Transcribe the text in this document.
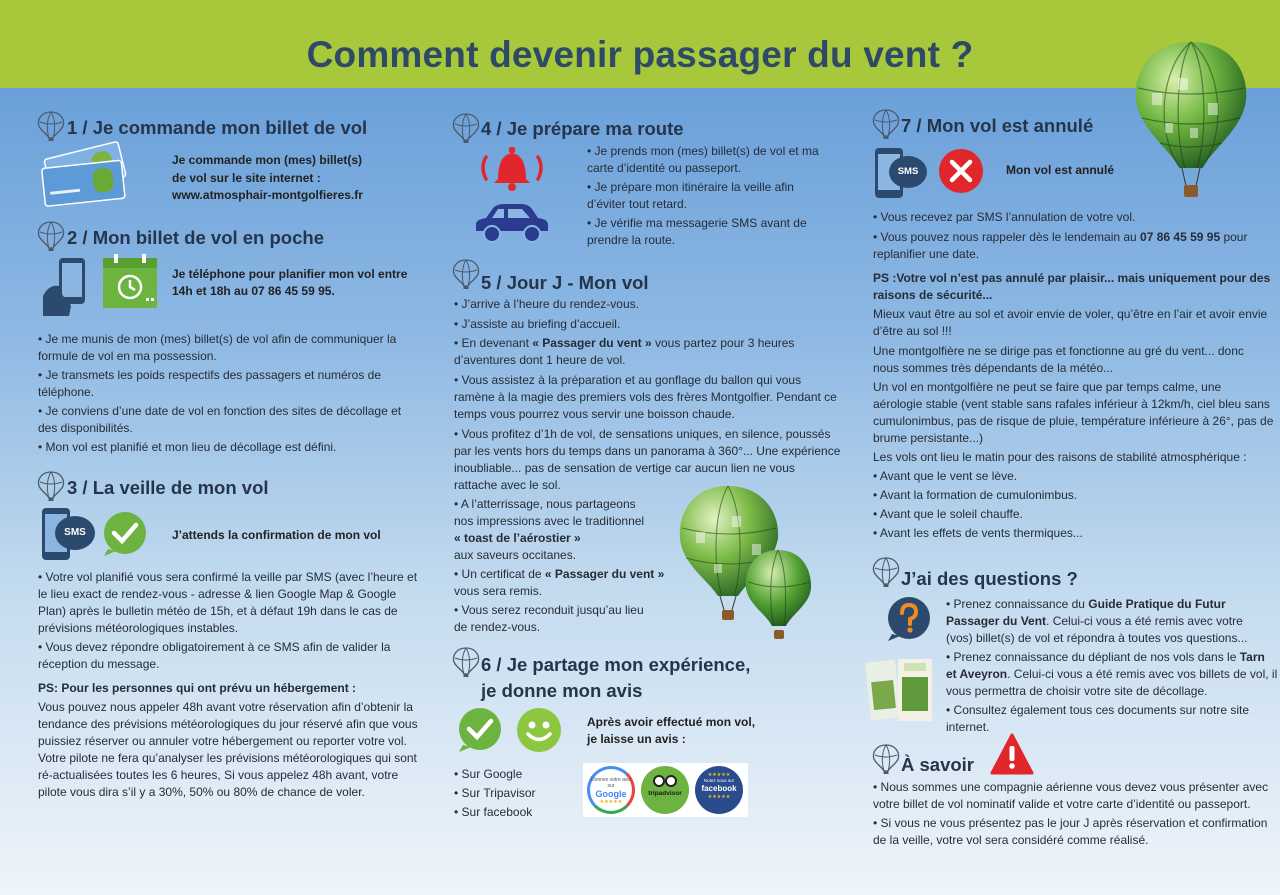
Comment devenir passager du vent ?
1 / Je commande mon billet de vol
Je commande mon (mes) billet(s)
de vol sur le site internet :
www.atmosphair-montgolfieres.fr
2 / Mon billet de vol en poche
Je téléphone pour planifier mon vol entre
14h et 18h au 07 86 45 59 95.
• Je me munis de mon (mes) billet(s) de vol afin de communiquer la
formule de vol en ma possession.
• Je transmets les poids respectifs des passagers et numéros de
téléphone.
• Je conviens d’une date de vol en fonction des sites de décollage et
des disponibilités.
• Mon vol est planifié et mon lieu de décollage est défini.
3 / La veille de mon vol
SMS	J’attends la confirmation de mon vol
• Votre vol planifié vous sera confirmé la veille par SMS (avec l’heure et
le lieu exact de rendez-vous - adresse & lien Google Map & Google
Plan) après le bulletin météo de 15h, et à défaut 19h dans le cas de
prévisions météorologiques instables.
• Vous devez répondre obligatoirement à ce SMS afin de valider la
réception du message.
PS: Pour les personnes qui ont prévu un hébergement :
Vous pouvez nous appeler 48h avant votre réservation afin d’obtenir la
tendance des prévisions météorologiques du jour réservé afin que vous
puissiez réserver ou annuler votre hébergement ou reporter votre vol.
Votre pilote ne fera qu’analyser les prévisions météorologiques qui sont
ré-actualisées toutes les 6 heures, Si vous appelez 48h avant, votre
pilote vous dira s’il y a 30%, 50% ou 80% de chance de voler.
4 / Je prépare ma route
• Je prends mon (mes) billet(s) de vol et ma
carte d’identité ou passeport.
• Je prépare mon itinéraire la veille afin
d’éviter tout retard.
• Je vérifie ma messagerie SMS avant de
prendre la route.
5 / Jour J - Mon vol
• J’arrive à l’heure du rendez-vous.
• J’assiste au briefing d’accueil.
• En devenant « Passager du vent » vous partez pour 3 heures
d’aventures dont 1 heure de vol.
• Vous assistez à la préparation et au gonflage du ballon qui vous
ramène à la magie des premiers vols des frères Montgolfier. Pendant ce
temps vous pourrez vous servir une boisson chaude.
• Vous profitez d’1h de vol, de sensations uniques, en silence, poussés
par les vents hors du temps dans un panorama à 360°... Une expérience
inoubliable... pas de sensation de vertige car aucun lien ne vous
rattache avec le sol.
• A l’atterrissage, nous partageons
nos impressions avec le traditionnel
« toast de l’aérostier »
aux saveurs occitanes.
• Un certificat de « Passager du vent »
vous sera remis.
• Vous serez reconduit jusqu’au lieu
de rendez-vous.
6 / Je partage mon expérience,
je donne mon avis
Après avoir effectué mon vol,
je laisse un avis :
• Sur Google
• Sur Tripavisor
• Sur facebook
Donnez votre avis sur
Google
★★★★★
tripadvisor
★★★★★
Notez nous sur
facebook
★★★★★
7 / Mon vol est annulé
SMS	Mon vol est annulé
• Vous recevez par SMS l’annulation de votre vol.
• Vous pouvez nous rappeler dès le lendemain au 07 86 45 59 95 pour
replanifier une date.
PS :Votre vol n’est pas annulé par plaisir... mais uniquement pour des
raisons de sécurité...
Mieux vaut être au sol et avoir envie de voler, qu’être en l’air et avoir envie
d’être au sol !!!
Une montgolfière ne se dirige pas et fonctionne au gré du vent... donc
nous sommes très dépendants de la météo...
Un vol en montgolfière ne peut se faire que par temps calme, une
aérologie stable (vent stable sans rafales inférieur à 12km/h, ciel bleu sans
cumulonimbus, pas de risque de pluie, température inférieure à 26°, pas de
brume persistante...)
Les vols ont lieu le matin pour des raisons de stabilité atmosphérique :
• Avant que le vent se lève.
• Avant la formation de cumulonimbus.
• Avant que le soleil chauffe.
• Avant les effets de vents thermiques...
J’ai des questions ?
• Prenez connaissance du Guide Pratique du Futur
Passager du Vent. Celui-ci vous a été remis avec votre
(vos) billet(s) de vol et répondra à toutes vos questions...
• Prenez connaissance du dépliant de nos vols dans le Tarn
et Aveyron. Celui-ci vous a été remis avec vos billets de vol, il
vous permettra de choisir votre site de décollage.
• Consultez également tous ces documents sur notre site
internet.
À savoir
• Nous sommes une compagnie aérienne vous devez vous présenter avec
votre billet de vol nominatif valide et votre carte d’identité ou passeport.
• Si vous ne vous présentez pas le jour J après réservation et confirmation
de la veille, votre vol sera considéré comme réalisé.
